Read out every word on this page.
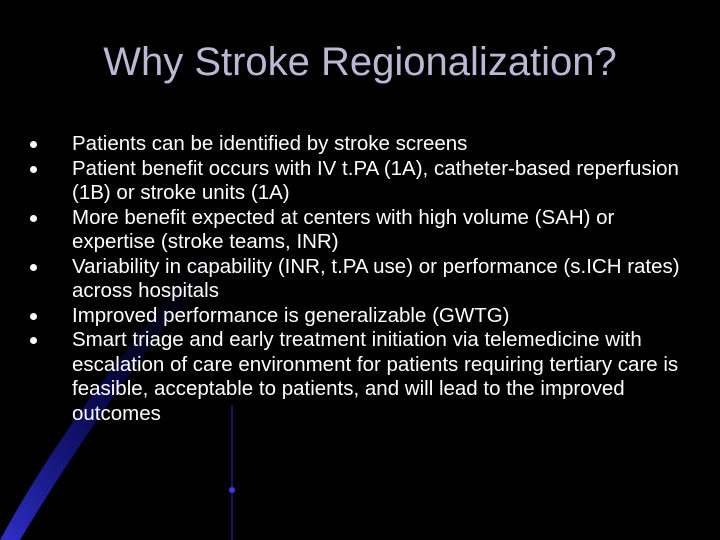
Why Stroke Regionalization?
Patients can be identified by stroke screens
Patient benefit occurs with IV t.PA (1A), catheter-based reperfusion (1B) or stroke units (1A)
More benefit expected at centers with high volume (SAH) or expertise (stroke teams, INR)
Variability in capability (INR, t.PA use) or performance (s.ICH rates) across hospitals
Improved performance is generalizable (GWTG)
Smart triage and early treatment initiation via telemedicine with escalation of care environment for patients requiring tertiary care is feasible, acceptable to patients, and will lead to the improved outcomes
